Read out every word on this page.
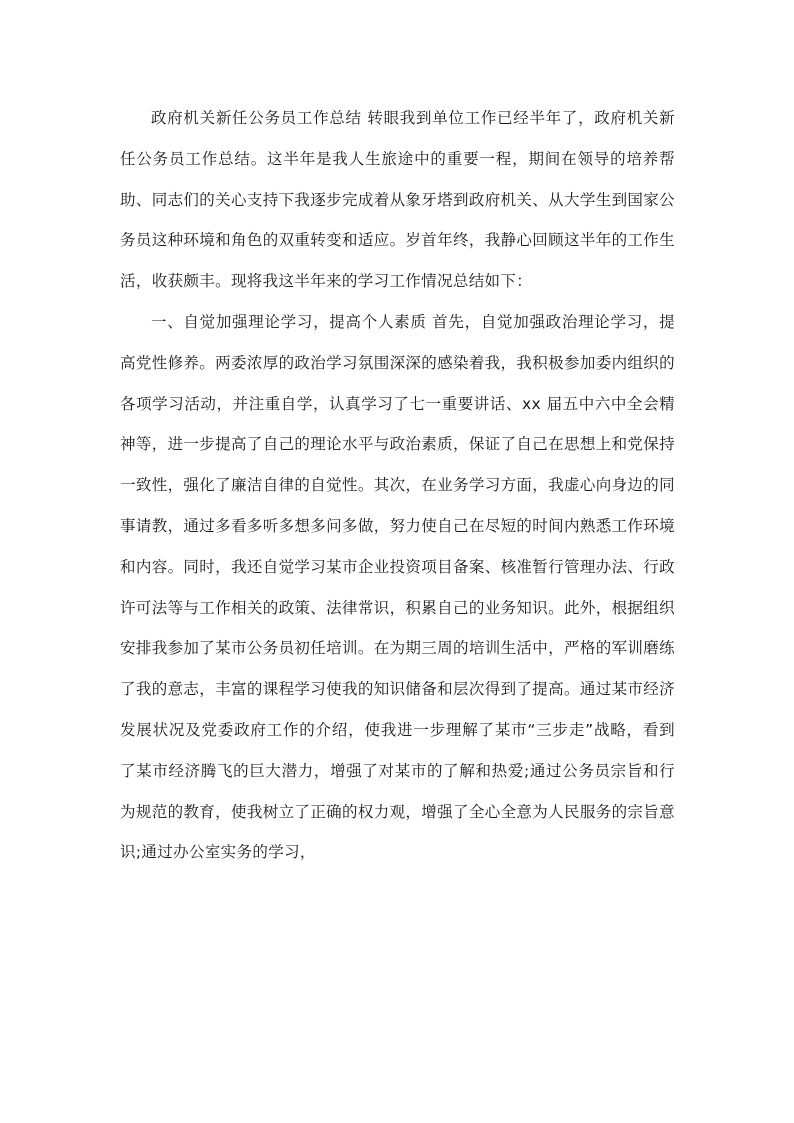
政府机关新任公务员工作总结 转眼我到单位工作已经半年了，政府机关新任公务员工作总结。这半年是我人生旅途中的重要一程，期间在领导的培养帮助、同志们的关心支持下我逐步完成着从象牙塔到政府机关、从大学生到国家公务员这种环境和角色的双重转变和适应。岁首年终，我静心回顾这半年的工作生活，收获颇丰。现将我这半年来的学习工作情况总结如下：

一、自觉加强理论学习，提高个人素质 首先，自觉加强政治理论学习，提高党性修养。两委浓厚的政治学习氛围深深的感染着我，我积极参加委内组织的各项学习活动，并注重自学，认真学习了七一重要讲话、xx 届五中六中全会精神等，进一步提高了自己的理论水平与政治素质，保证了自己在思想上和党保持一致性，强化了廉洁自律的自觉性。其次，在业务学习方面，我虚心向身边的同事请教，通过多看多听多想多问多做，努力使自己在尽短的时间内熟悉工作环境和内容。同时，我还自觉学习某市企业投资项目备案、核准暂行管理办法、行政许可法等与工作相关的政策、法律常识，积累自己的业务知识。此外，根据组织安排我参加了某市公务员初任培训。在为期三周的培训生活中，严格的军训磨练了我的意志，丰富的课程学习使我的知识储备和层次得到了提高。通过某市经济发展状况及党委政府工作的介绍，使我进一步理解了某市“三步走”战略，看到了某市经济腾飞的巨大潜力，增强了对某市的了解和热爱;通过公务员宗旨和行为规范的教育，使我树立了正确的权力观，增强了全心全意为人民服务的宗旨意识;通过办公室实务的学习，
